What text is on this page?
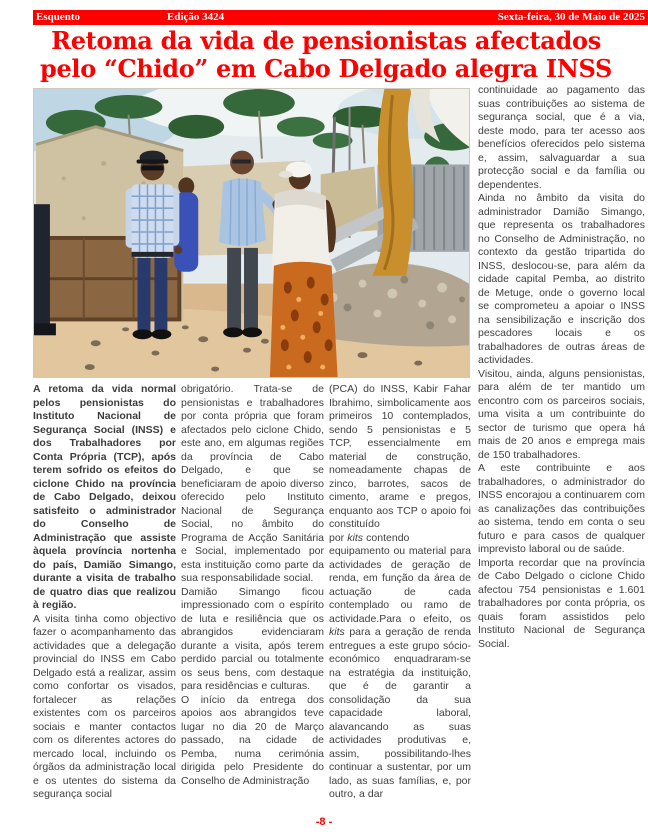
Esquento	Edição 3424	Sexta-feira, 30 de Maio de 2025
Retoma da vida de pensionistas afectados
pelo “Chido” em Cabo Delgado alegra INSS

A retoma da vida normal pelos pensionistas do Instituto Nacional de Segurança Social (INSS) e dos Trabalhadores por Conta Própria (TCP), após terem sofrido os efeitos do ciclone Chido na província de Cabo Delgado, deixou satisfeito o administrador do Conselho de Administração que assiste àquela província nortenha do país, Damião Simango, durante a visita de trabalho de quatro dias que realizou à região.

A visita tinha como objectivo fazer o acompanhamento das actividades que a delegação provincial do INSS em Cabo Delgado está a realizar, assim como confortar os visados, fortalecer as relações existentes com os parceiros sociais e manter contactos com os diferentes actores do mercado local, incluindo os órgãos da administração local e os utentes do sistema da segurança social

obrigatório. Trata-se de pensionistas e trabalhadores por conta própria que foram afectados pelo ciclone Chido, este ano, em algumas regiões da província de Cabo Delgado, e que se beneficiaram de apoio diverso oferecido pelo Instituto Nacional de Segurança Social, no âmbito do Programa de Acção Sanitária e Social, implementado por esta instituição como parte da sua responsabilidade social.

Damião Simango ficou impressionado com o espírito de luta e resiliência que os abrangidos evidenciaram durante a visita, após terem perdido parcial ou totalmente os seus bens, com destaque para residências e culturas.

O início da entrega dos apoios aos abrangidos teve lugar no dia 20 de Março passado, na cidade de Pemba, numa cerimónia dirigida pelo Presidente do Conselho de Administração

(PCA) do INSS, Kabir Fahar Ibrahimo, simbolicamente aos primeiros 10 contemplados, sendo 5 pensionistas e 5 TCP, essencialmente em material de construção, nomeadamente chapas de zinco, barrotes, sacos de cimento, arame e pregos, enquanto aos TCP o apoio foi constituído
por kits contendo
equipamento ou material para actividades de geração de renda, em função da área de actuação de cada contemplado ou ramo de actividade.Para o efeito, os kits para a geração de renda entregues a este grupo sócio-económico enquadraram-se na estratégia da instituição, que é de garantir a consolidação da sua capacidade laboral, alavancando as suas actividades produtivas e, assim, possibilitando-lhes continuar a sustentar, por um lado, as suas famílias, e, por outro, a dar

continuidade ao pagamento das suas contribuições ao sistema de segurança social, que é a via, deste modo, para ter acesso aos benefícios oferecidos pelo sistema e, assim, salvaguardar a sua protecção social e da família ou dependentes.

Ainda no âmbito da visita do administrador Damião Simango, que representa os trabalhadores no Conselho de Administração, no contexto da gestão tripartida do INSS, deslocou-se, para além da cidade capital Pemba, ao distrito de Metuge, onde o governo local se comprometeu a apoiar o INSS na sensibilização e inscrição dos pescadores locais e os trabalhadores de outras áreas de actividades.

Visitou, ainda, alguns pensionistas, para além de ter mantido um encontro com os parceiros sociais, uma visita a um contribuinte do sector de turismo que opera há mais de 20 anos e emprega mais de 150 trabalhadores.

A este contribuinte e aos trabalhadores, o administrador do INSS encorajou a continuarem com as canalizações das contribuições ao sistema, tendo em conta o seu futuro e para casos de qualquer imprevisto laboral ou de saúde.

Importa recordar que na província de Cabo Delgado o ciclone Chido afectou 754 pensionistas e 1.601 trabalhadores por conta própria, os quais foram assistidos pelo Instituto Nacional de Segurança Social.

-8 -
